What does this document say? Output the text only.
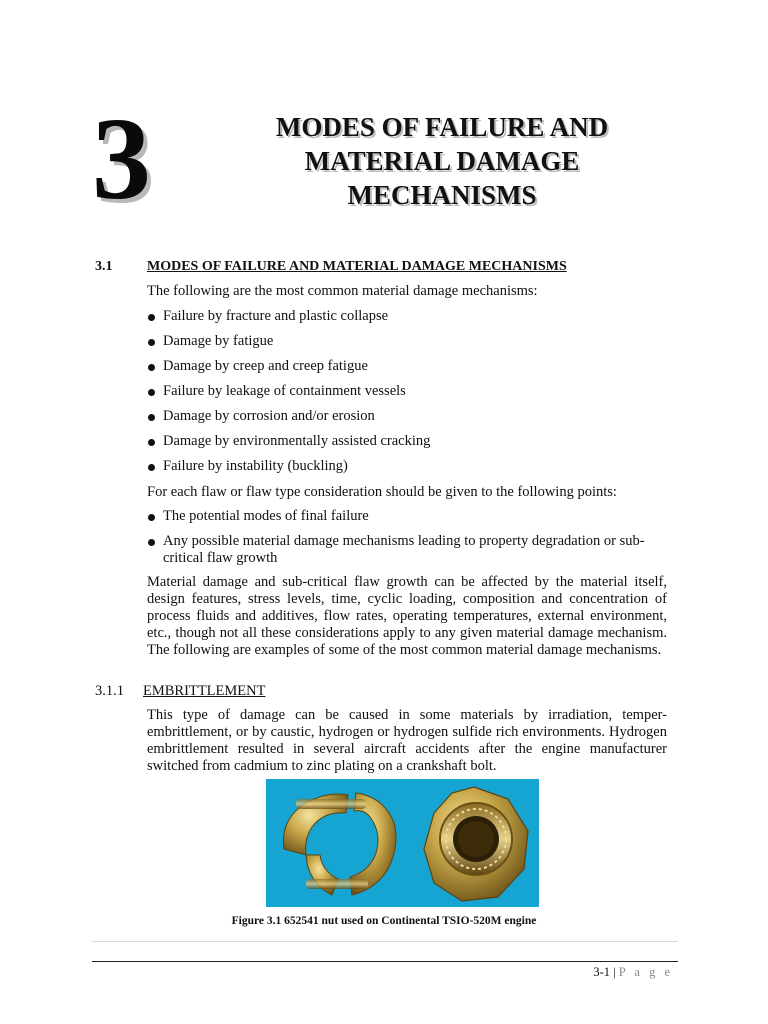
3	MODES OF FAILURE AND
MATERIAL DAMAGE
MECHANISMS
3.1 MODES OF FAILURE AND MATERIAL DAMAGE MECHANISMS
The following are the most common material damage mechanisms:
Failure by fracture and plastic collapse
Damage by fatigue
Damage by creep and creep fatigue
Failure by leakage of containment vessels
Damage by corrosion and/or erosion
Damage by environmentally assisted cracking
Failure by instability (buckling)
For each flaw or flaw type consideration should be given to the following points:
The potential modes of final failure
Any possible material damage mechanisms leading to property degradation or sub-critical flaw growth
Material damage and sub-critical flaw growth can be affected by the material itself, design features, stress levels, time, cyclic loading, composition and concentration of process fluids and additives, flow rates, operating temperatures, external environment, etc., though not all these considerations apply to any given material damage mechanism. The following are examples of some of the most common material damage mechanisms.
3.1.1 EMBRITTLEMENT
This type of damage can be caused in some materials by irradiation, temper-embrittlement, or by caustic, hydrogen or hydrogen sulfide rich environments. Hydrogen embrittlement resulted in several aircraft accidents after the engine manufacturer switched from cadmium to zinc plating on a crankshaft bolt.
Figure 3.1 652541 nut used on Continental TSIO-520M engine
3-1 | P a g e
